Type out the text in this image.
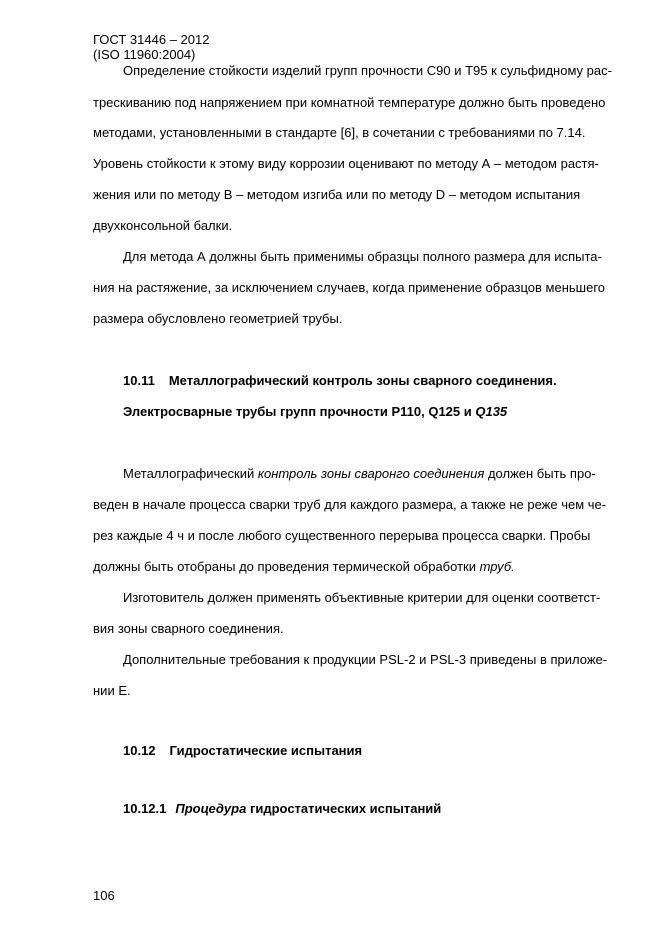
ГОСТ 31446 – 2012
(ISO 11960:2004)
Определение стойкости изделий групп прочности С90 и Т95 к сульфидному рас-
трескиванию под напряжением при комнатной температуре должно быть проведено
методами, установленными в стандарте [6], в сочетании с требованиями по 7.14.
Уровень стойкости к этому виду коррозии оценивают по методу А – методом растя-
жения или по методу В – методом изгиба или по методу D – методом испытания
двухконсольной балки.
Для метода А должны быть применимы образцы полного размера для испыта-
ния на растяжение, за исключением случаев, когда применение образцов меньшего
размера обусловлено геометрией трубы.
10.11 Металлографический контроль зоны сварного соединения.
Электросварные трубы групп прочности Р110, Q125 и Q135
Металлографический контроль зоны сваронго соединения должен быть про-
веден в начале процесса сварки труб для каждого размера, а также не реже чем че-
рез каждые 4 ч и после любого существенного перерыва процесса сварки. Пробы
должны быть отобраны до проведения термической обработки труб.
Изготовитель должен применять объективные критерии для оценки соответст-
вия зоны сварного соединения.
Дополнительные требования к продукции PSL-2 и PSL-3 приведены в приложе-
нии Е.
10.12 Гидростатические испытания
10.12.1 Процедура гидростатических испытаний
106
